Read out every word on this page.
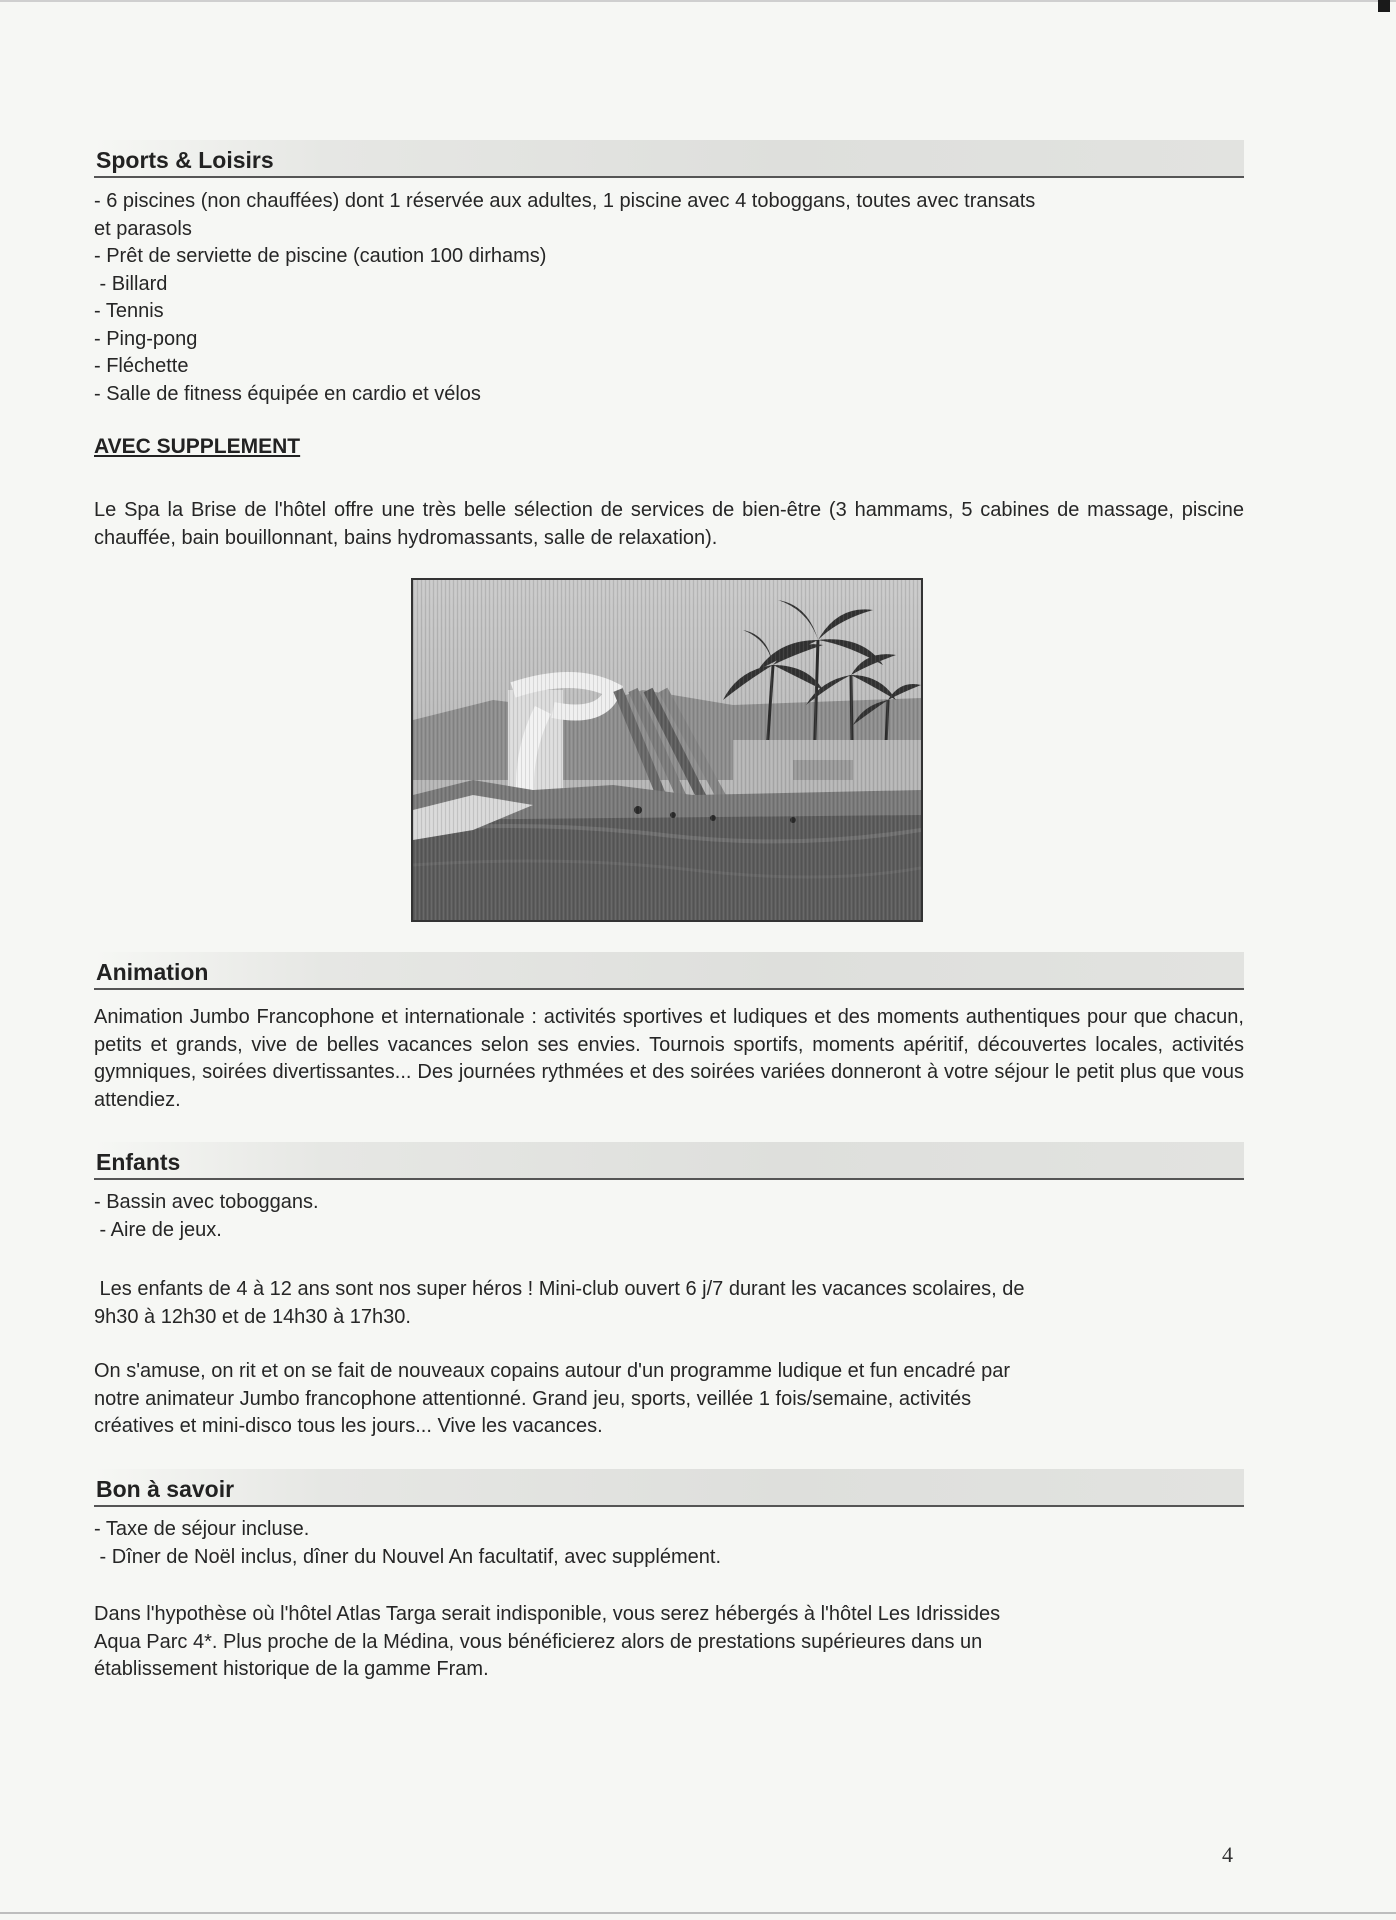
Sports & Loisirs
- 6 piscines (non chauffées) dont 1 réservée aux adultes, 1 piscine avec 4 toboggans, toutes avec transats
et parasols
- Prêt de serviette de piscine (caution 100 dirhams)
- Billard
- Tennis
- Ping-pong
- Fléchette
- Salle de fitness équipée en cardio et vélos
AVEC SUPPLEMENT
Le Spa la Brise de l'hôtel offre une très belle sélection de services de bien-être (3 hammams, 5 cabines de massage, piscine chauffée, bain bouillonnant, bains hydromassants, salle de relaxation).
Animation
Animation Jumbo Francophone et internationale : activités sportives et ludiques et des moments authentiques pour que chacun, petits et grands, vive de belles vacances selon ses envies. Tournois sportifs, moments apéritif, découvertes locales, activités gymniques, soirées divertissantes... Des journées rythmées et des soirées variées donneront à votre séjour le petit plus que vous attendiez.
Enfants
- Bassin avec toboggans.
- Aire de jeux.
Les enfants de 4 à 12 ans sont nos super héros ! Mini-club ouvert 6 j/7 durant les vacances scolaires, de
9h30 à 12h30 et de 14h30 à 17h30.
On s'amuse, on rit et on se fait de nouveaux copains autour d'un programme ludique et fun encadré par
notre animateur Jumbo francophone attentionné. Grand jeu, sports, veillée 1 fois/semaine, activités
créatives et mini-disco tous les jours... Vive les vacances.
Bon à savoir
- Taxe de séjour incluse.
- Dîner de Noël inclus, dîner du Nouvel An facultatif, avec supplément.
Dans l'hypothèse où l'hôtel Atlas Targa serait indisponible, vous serez hébergés à l'hôtel Les Idrissides
Aqua Parc 4*. Plus proche de la Médina, vous bénéficierez alors de prestations supérieures dans un
établissement historique de la gamme Fram.
4
